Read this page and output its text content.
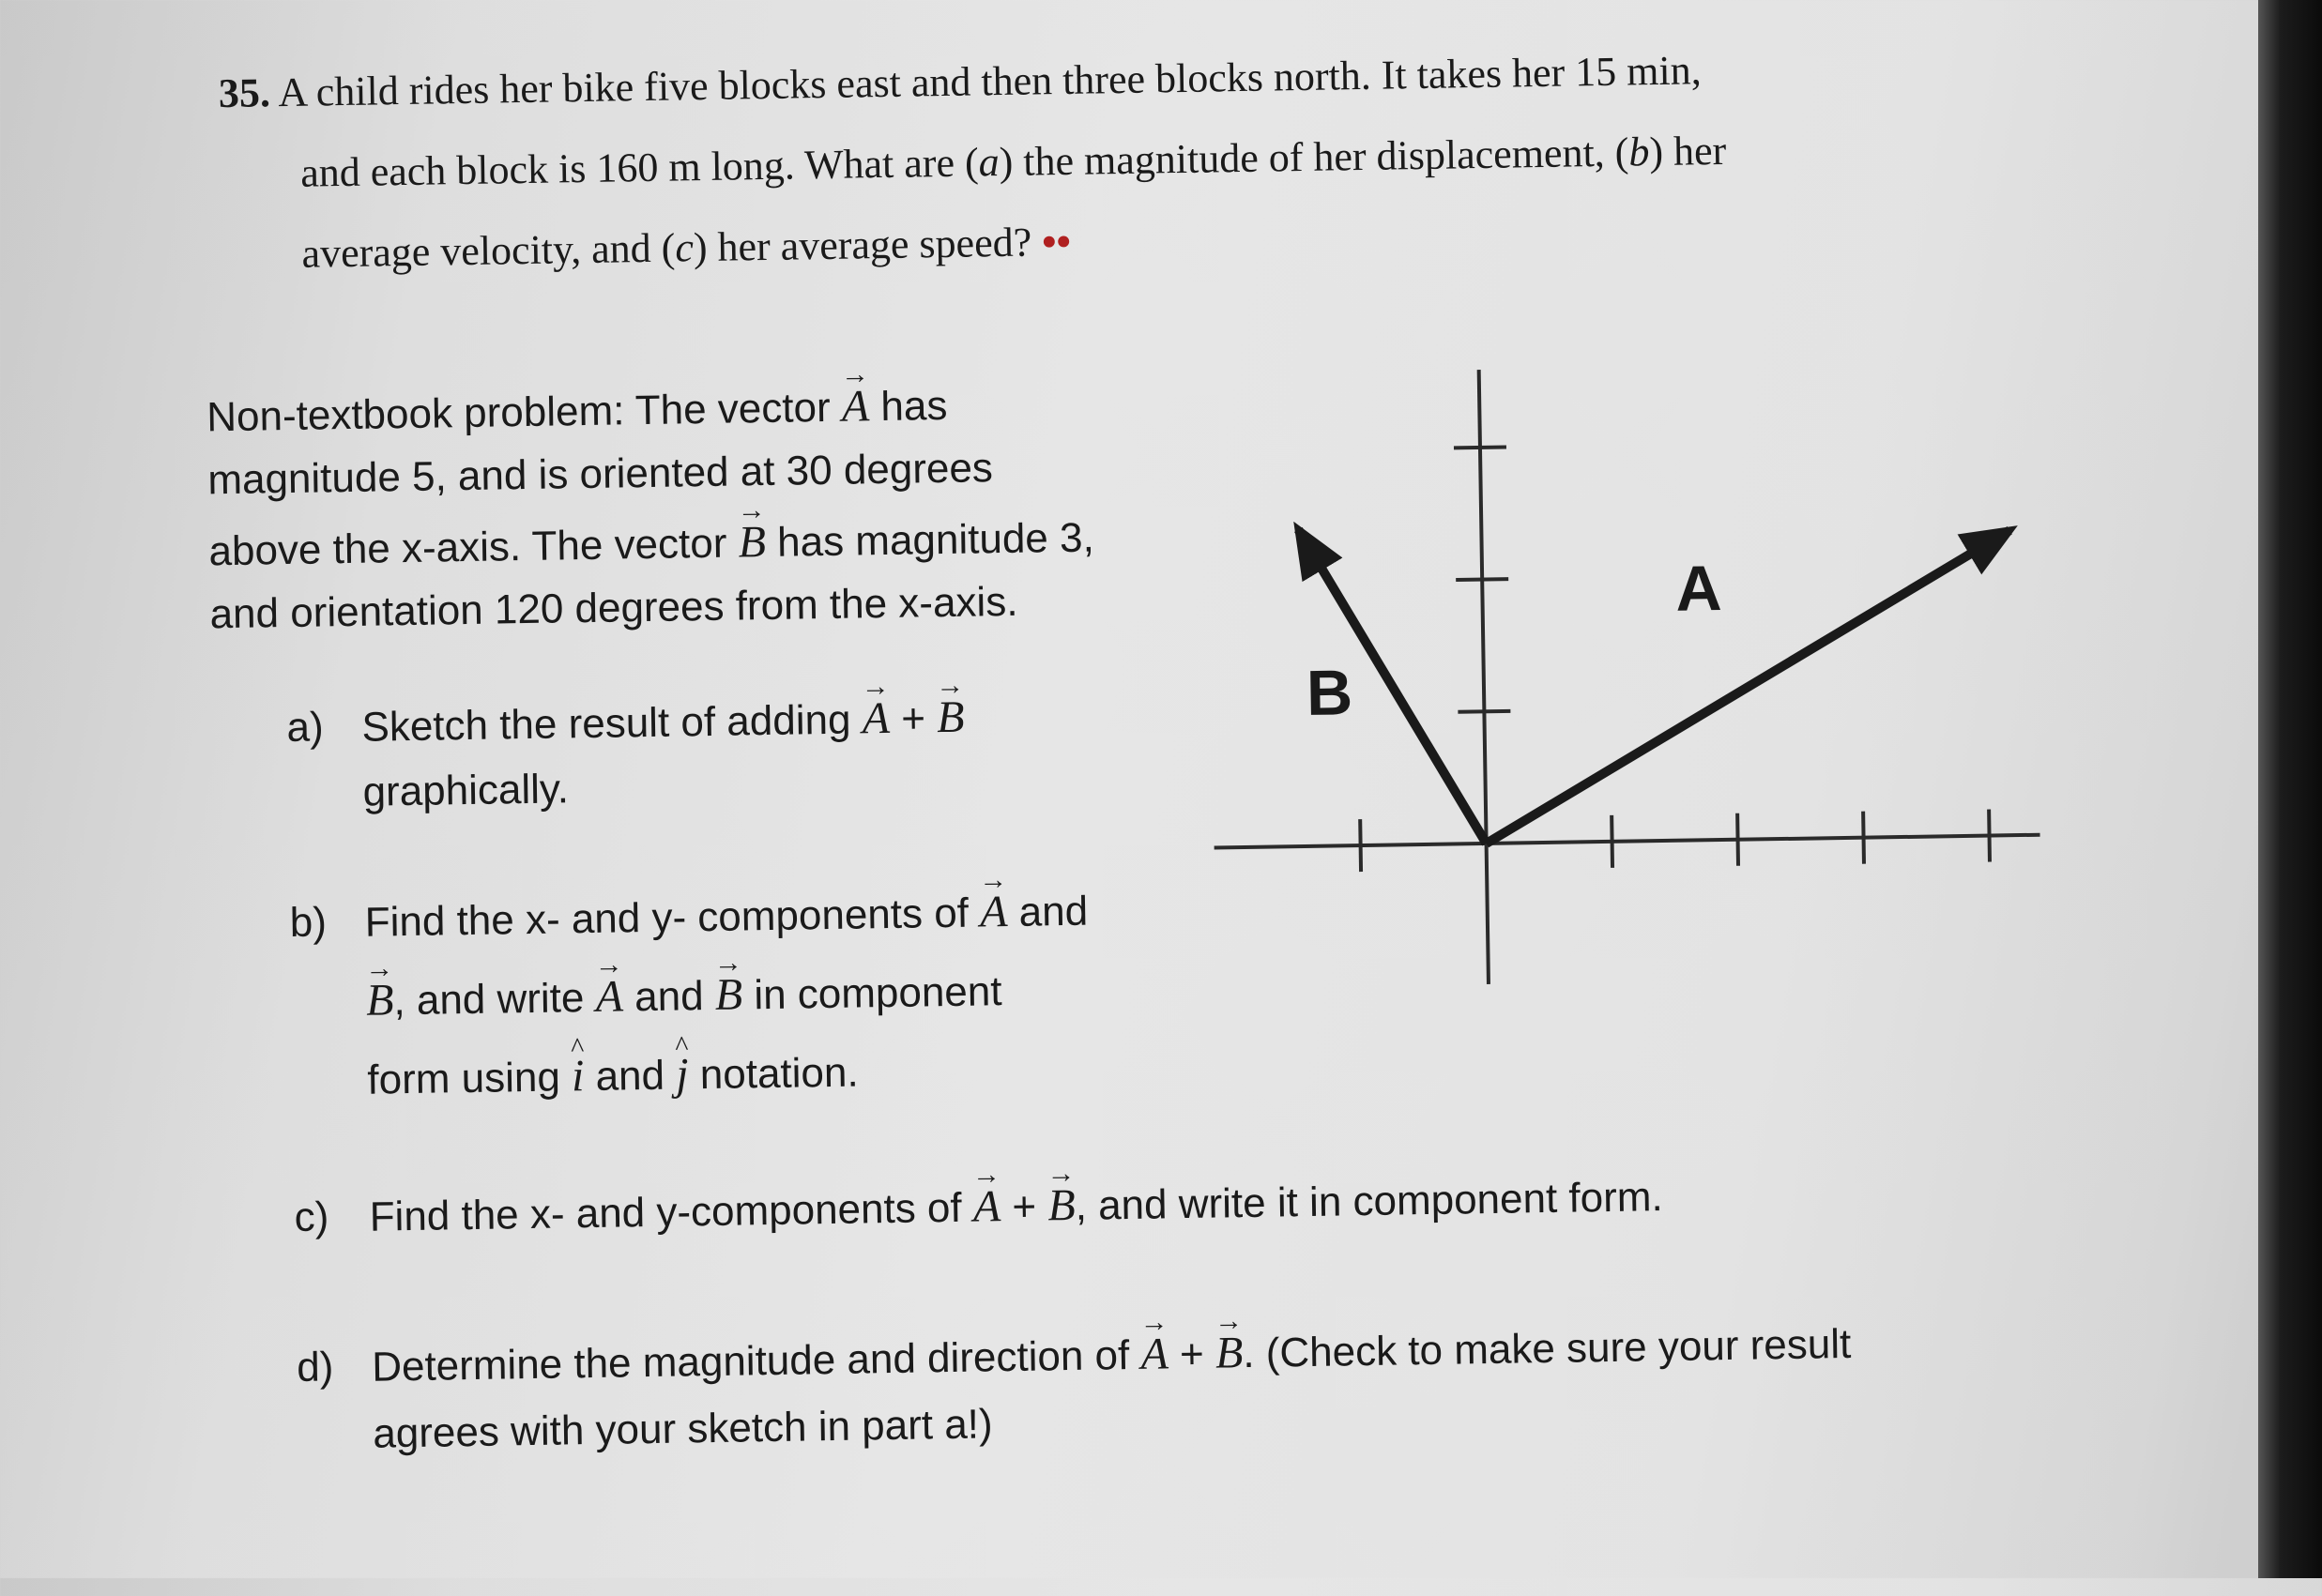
35. A child rides her bike five blocks east and then three blocks north. It takes her 15 min,
and each block is 160 m long. What are (a) the magnitude of her displacement, (b) her
average velocity, and (c) her average speed? ••
Non-textbook problem: The vector → A has
magnitude 5, and is oriented at 30 degrees
above the x-axis. The vector → B has magnitude 3,
and orientation 120 degrees from the x-axis.
a) Sketch the result of adding → A + → B
graphically.
b) Find the x- and y- components of → A and
→ B, and write → A and → B in component
form using ^ i and ^ j notation.
c) Find the x- and y-components of → A + → B, and write it in component form.
d) Determine the magnitude and direction of → A + → B. (Check to make sure your result
agrees with your sketch in part a!)
A
B
